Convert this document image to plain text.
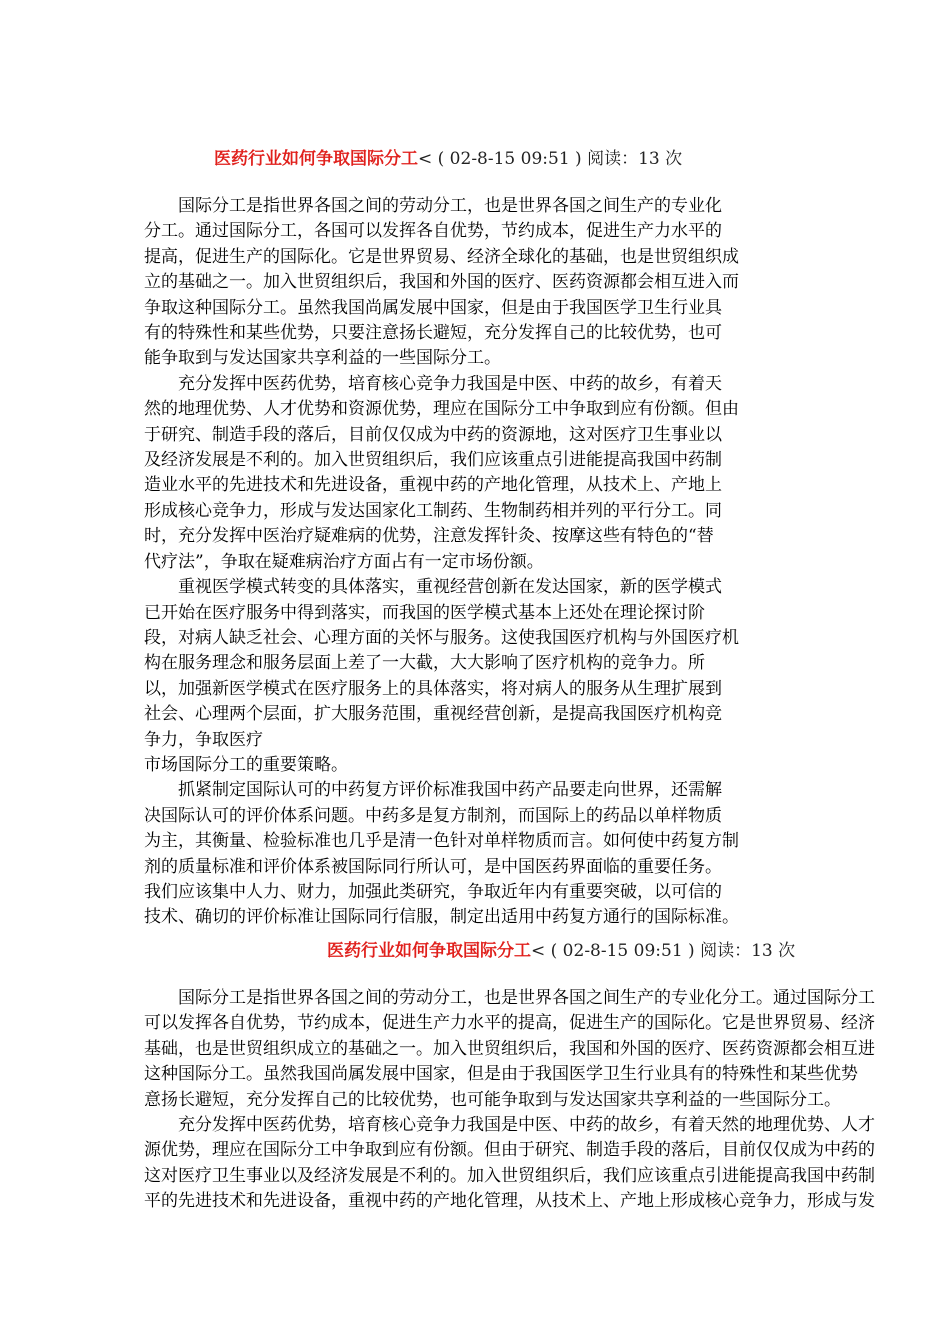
医药行业如何争取国际分工< ( 02-8-15 09:51 ) 阅读：13 次

国际分工是指世界各国之间的劳动分工，也是世界各国之间生产的专业化
分工。通过国际分工，各国可以发挥各自优势，节约成本，促进生产力水平的
提高，促进生产的国际化。它是世界贸易、经济全球化的基础，也是世贸组织成
立的基础之一。加入世贸组织后，我国和外国的医疗、医药资源都会相互进入而
争取这种国际分工。虽然我国尚属发展中国家，但是由于我国医学卫生行业具
有的特殊性和某些优势，只要注意扬长避短，充分发挥自己的比较优势，也可
能争取到与发达国家共享利益的一些国际分工。

充分发挥中医药优势，培育核心竞争力我国是中医、中药的故乡，有着天
然的地理优势、人才优势和资源优势，理应在国际分工中争取到应有份额。但由
于研究、制造手段的落后，目前仅仅成为中药的资源地，这对医疗卫生事业以
及经济发展是不利的。加入世贸组织后，我们应该重点引进能提高我国中药制
造业水平的先进技术和先进设备，重视中药的产地化管理，从技术上、产地上
形成核心竞争力，形成与发达国家化工制药、生物制药相并列的平行分工。同
时，充分发挥中医治疗疑难病的优势，注意发挥针灸、按摩这些有特色的“替
代疗法”，争取在疑难病治疗方面占有一定市场份额。

重视医学模式转变的具体落实，重视经营创新在发达国家，新的医学模式
已开始在医疗服务中得到落实，而我国的医学模式基本上还处在理论探讨阶
段，对病人缺乏社会、心理方面的关怀与服务。这使我国医疗机构与外国医疗机
构在服务理念和服务层面上差了一大截，大大影响了医疗机构的竞争力。所
以，加强新医学模式在医疗服务上的具体落实，将对病人的服务从生理扩展到
社会、心理两个层面，扩大服务范围，重视经营创新，是提高我国医疗机构竞
争力，争取医疗

市场国际分工的重要策略。

抓紧制定国际认可的中药复方评价标准我国中药产品要走向世界，还需解
决国际认可的评价体系问题。中药多是复方制剂，而国际上的药品以单样物质
为主，其衡量、检验标准也几乎是清一色针对单样物质而言。如何使中药复方制
剂的质量标准和评价体系被国际同行所认可，是中国医药界面临的重要任务。
我们应该集中人力、财力，加强此类研究，争取近年内有重要突破，以可信的
技术、确切的评价标准让国际同行信服，制定出适用中药复方通行的国际标准。

医药行业如何争取国际分工< ( 02-8-15 09:51 ) 阅读：13 次

国际分工是指世界各国之间的劳动分工，也是世界各国之间生产的专业化分工。通过国际分工
可以发挥各自优势，节约成本，促进生产力水平的提高，促进生产的国际化。它是世界贸易、经济
基础，也是世贸组织成立的基础之一。加入世贸组织后，我国和外国的医疗、医药资源都会相互进
这种国际分工。虽然我国尚属发展中国家，但是由于我国医学卫生行业具有的特殊性和某些优势
意扬长避短，充分发挥自己的比较优势，也可能争取到与发达国家共享利益的一些国际分工。

充分发挥中医药优势，培育核心竞争力我国是中医、中药的故乡，有着天然的地理优势、人才
源优势，理应在国际分工中争取到应有份额。但由于研究、制造手段的落后，目前仅仅成为中药的
这对医疗卫生事业以及经济发展是不利的。加入世贸组织后，我们应该重点引进能提高我国中药制
平的先进技术和先进设备，重视中药的产地化管理，从技术上、产地上形成核心竞争力，形成与发
